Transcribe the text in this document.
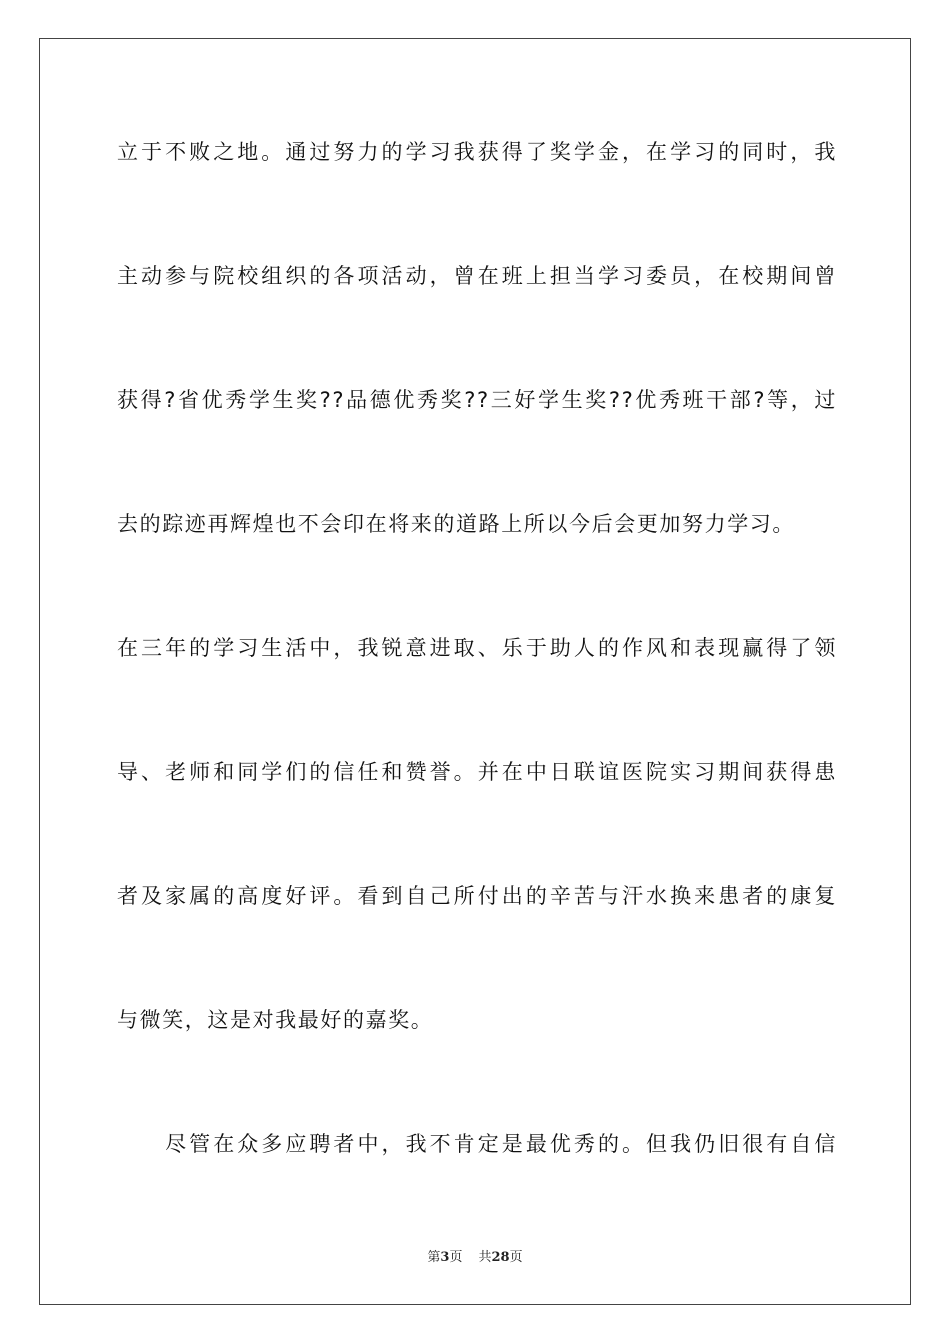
立于不败之地。通过努力的学习我获得了奖学金，在学习的同时，我
主动参与院校组织的各项活动，曾在班上担当学习委员，在校期间曾
获得?省优秀学生奖??品德优秀奖??三好学生奖??优秀班干部?等，过
去的踪迹再辉煌也不会印在将来的道路上所以今后会更加努力学习。
在三年的学习生活中，我锐意进取、乐于助人的作风和表现赢得了领
导、老师和同学们的信任和赞誉。并在中日联谊医院实习期间获得患
者及家属的高度好评。看到自己所付出的辛苦与汗水换来患者的康复
与微笑，这是对我最好的嘉奖。
　　尽管在众多应聘者中，我不肯定是最优秀的。但我仍旧很有自信
第3页 共28页
